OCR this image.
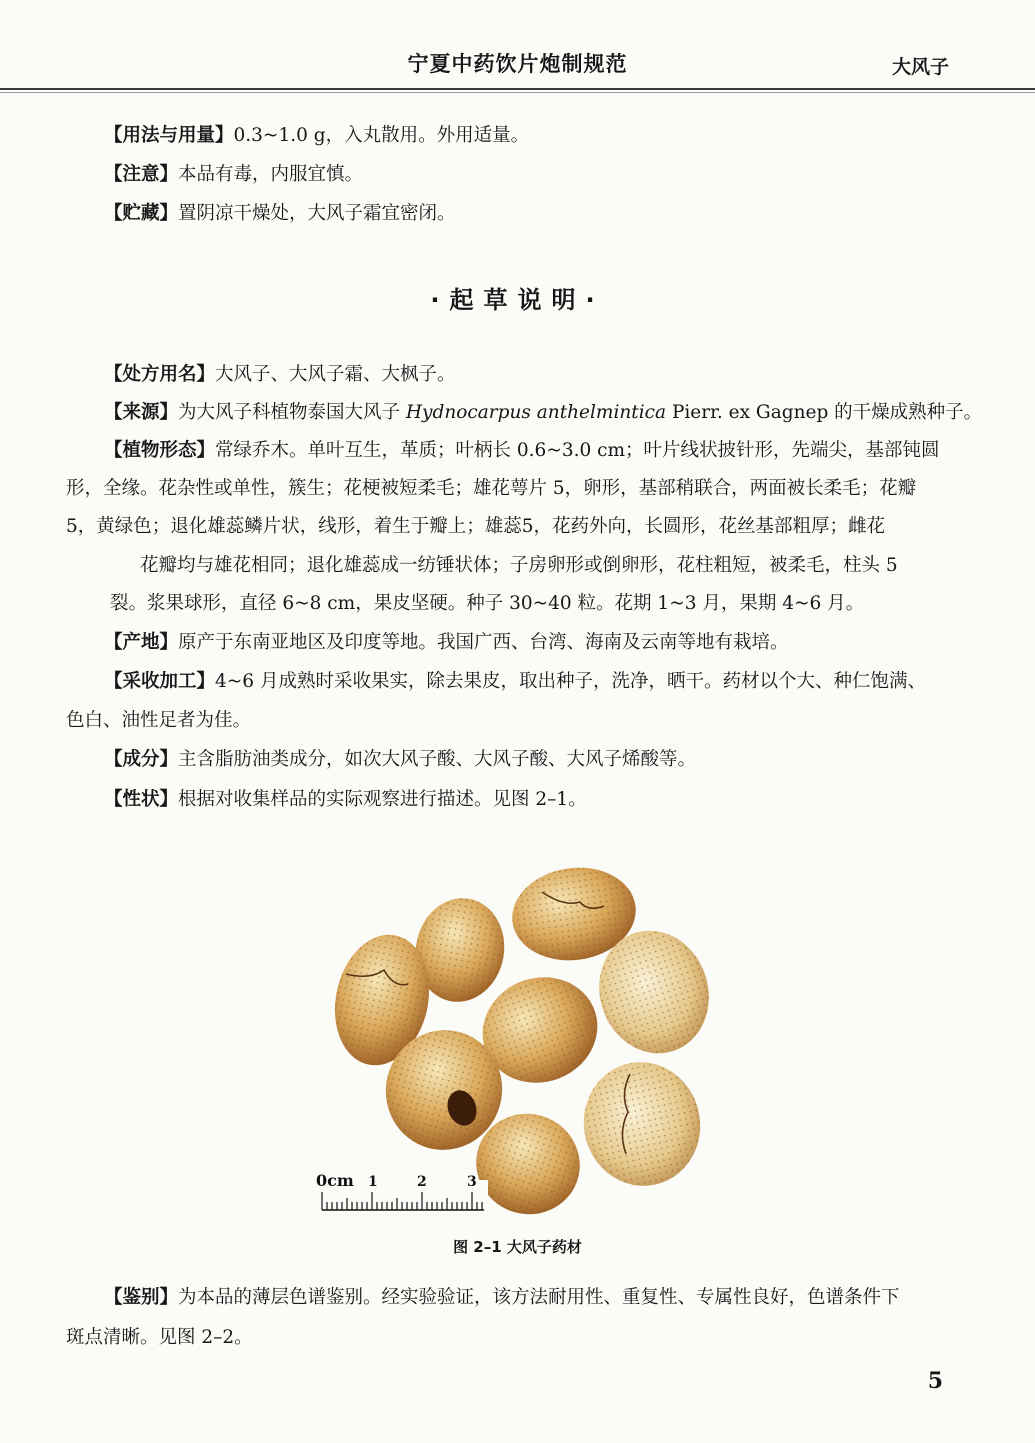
宁夏中药饮片炮制规范	大风子
【用法与用量】0.3~1.0 g，入丸散用。外用适量。
【注意】本品有毒，内服宜慎。
【贮藏】置阴凉干燥处，大风子霜宜密闭。
·起草说明·
【处方用名】大风子、大风子霜、大枫子。
【来源】为大风子科植物泰国大风子 Hydnocarpus anthelmintica Pierr. ex Gagnep 的干燥成熟种子。
【植物形态】常绿乔木。单叶互生，革质；叶柄长 0.6~3.0 cm；叶片线状披针形，先端尖，基部钝圆
形，全缘。花杂性或单性，簇生；花梗被短柔毛；雄花萼片 5，卵形，基部稍联合，两面被长柔毛；花瓣
5，黄绿色；退化雄蕊鳞片状，线形，着生于瓣上；雄蕊5，花药外向，长圆形，花丝基部粗厚；雌花
花瓣均与雄花相同；退化雄蕊成一纺锤状体；子房卵形或倒卵形，花柱粗短，被柔毛，柱头 5
裂。浆果球形，直径 6~8 cm，果皮坚硬。种子 30~40 粒。花期 1~3 月，果期 4~6 月。
【产地】原产于东南亚地区及印度等地。我国广西、台湾、海南及云南等地有栽培。
【采收加工】4~6 月成熟时采收果实，除去果皮，取出种子，洗净，晒干。药材以个大、种仁饱满、
色白、油性足者为佳。
【成分】主含脂肪油类成分，如次大风子酸、大风子酸、大风子烯酸等。
【性状】根据对收集样品的实际观察进行描述。见图 2–1。
0cm 1	2	3
图 2–1 大风子药材
【鉴别】为本品的薄层色谱鉴别。经实验验证，该方法耐用性、重复性、专属性良好，色谱条件下
斑点清晰。见图 2–2。
5
